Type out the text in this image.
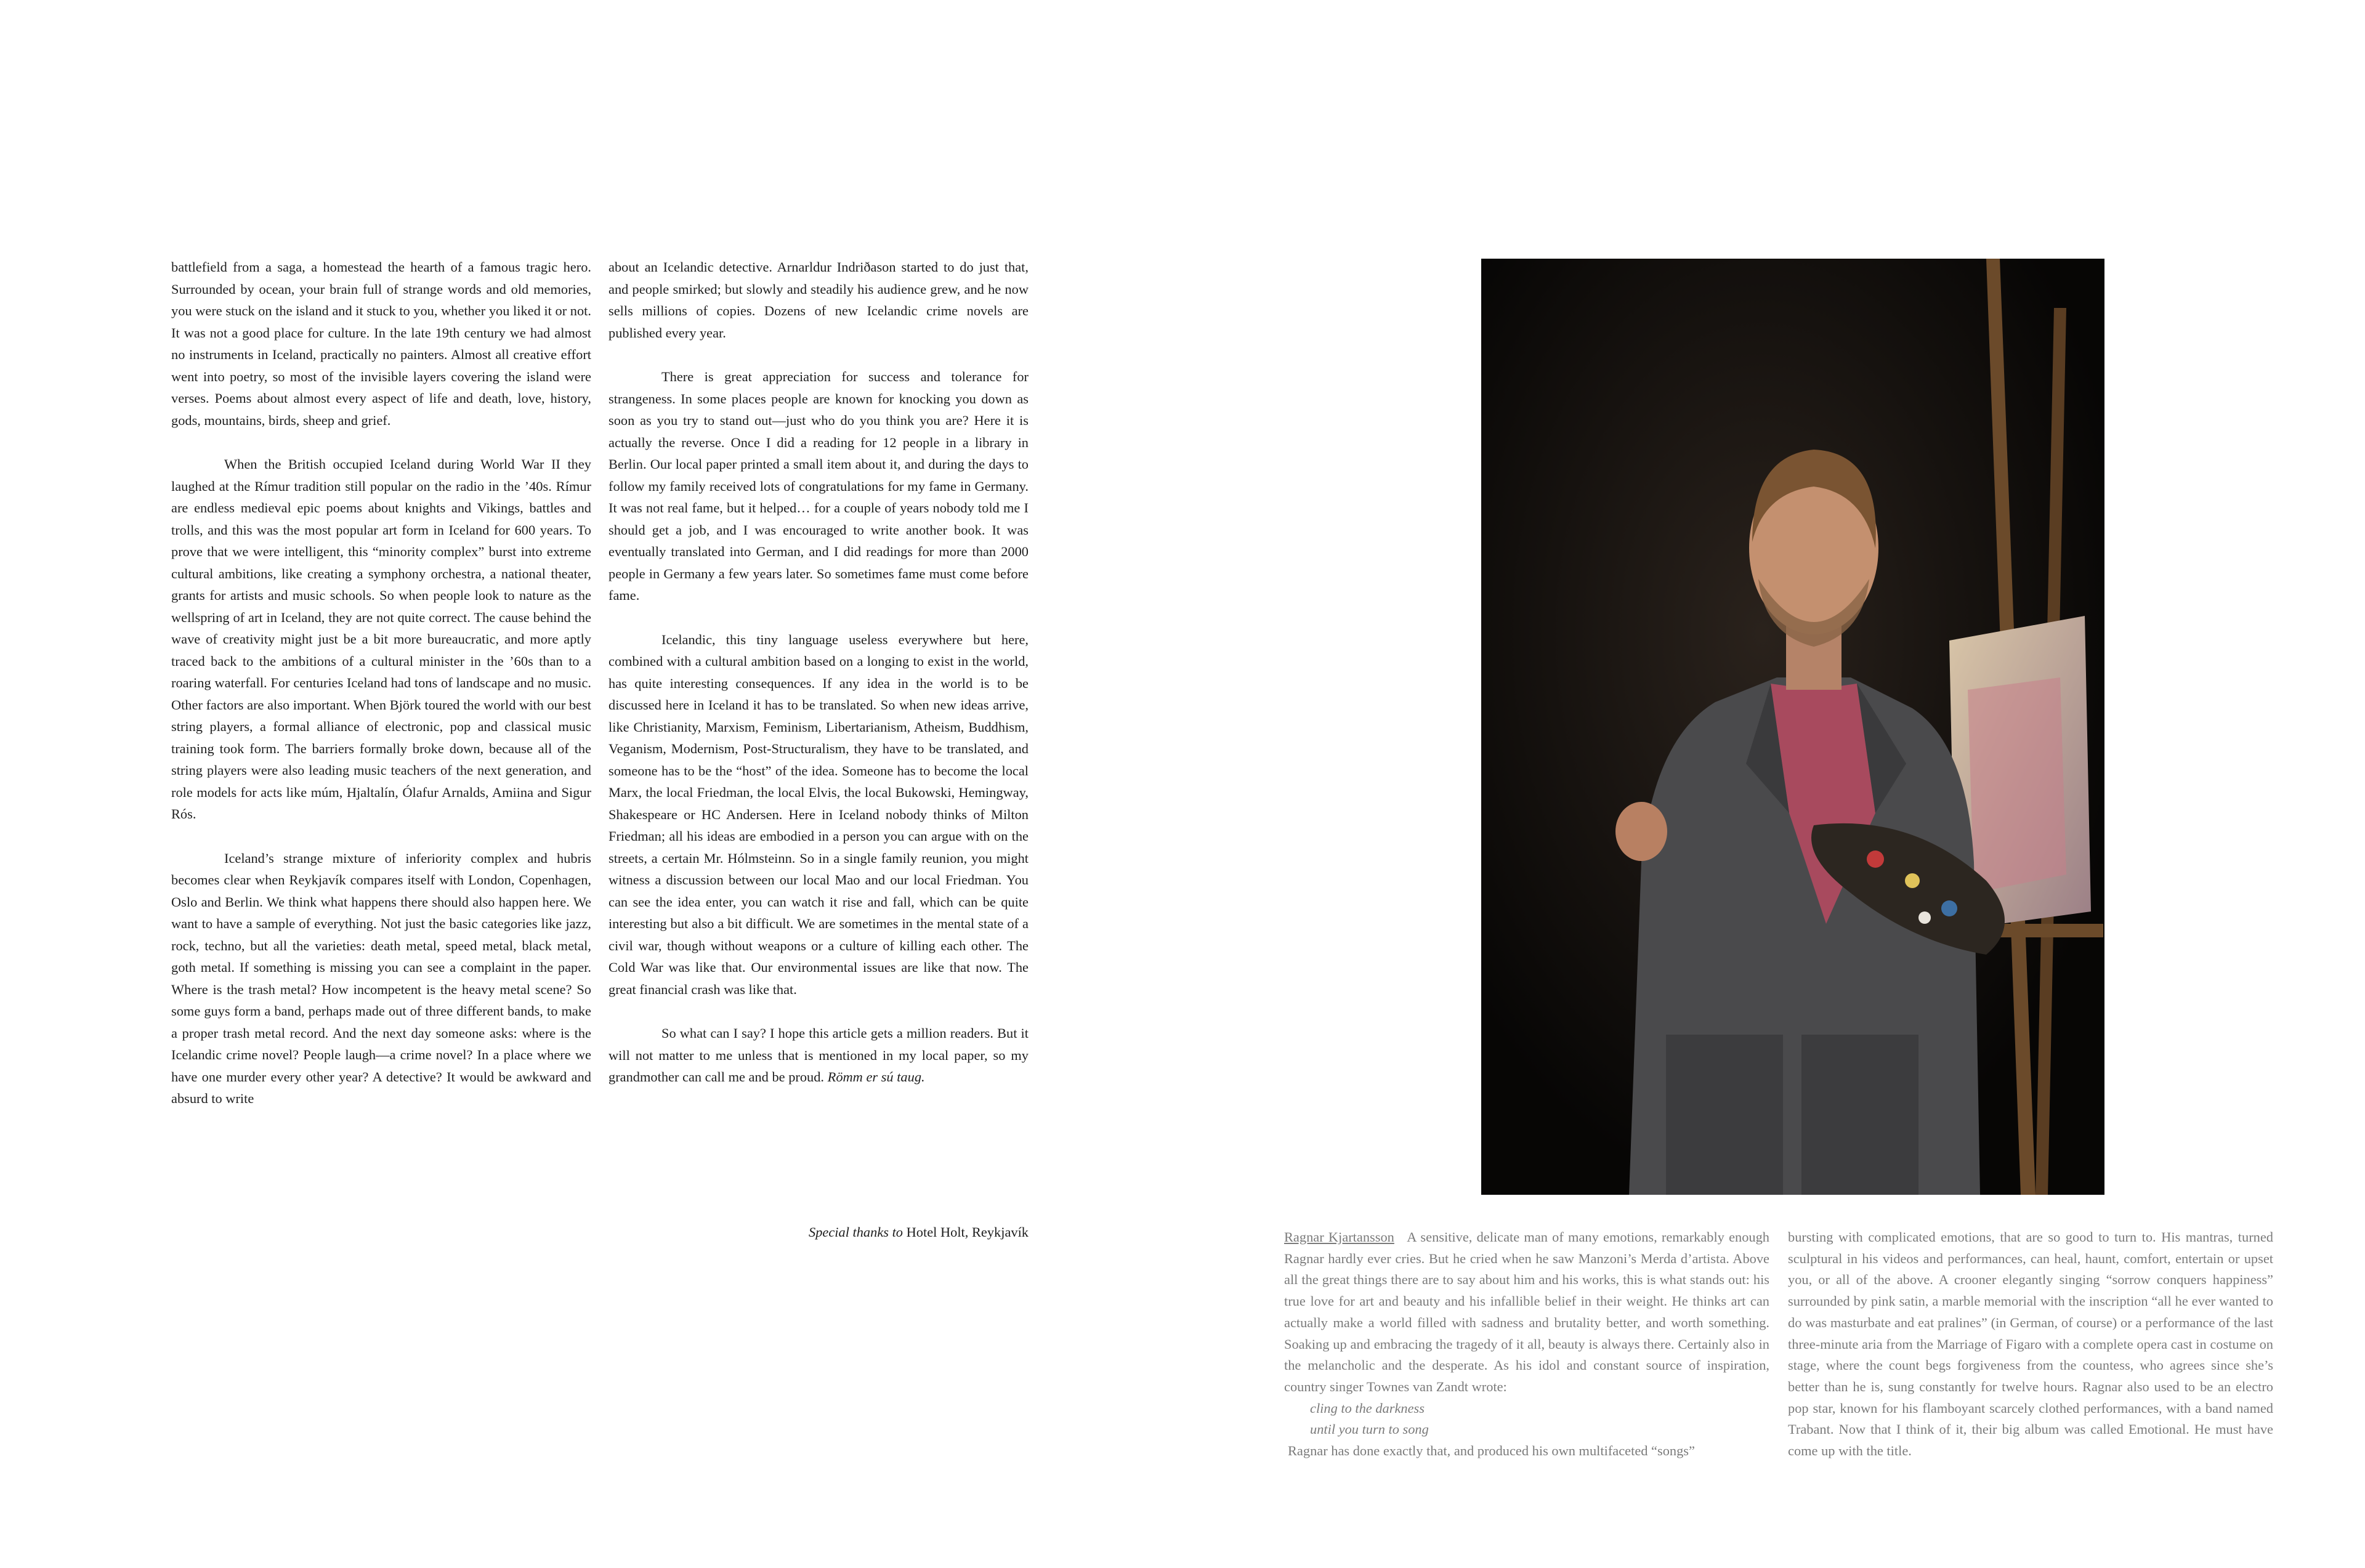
battlefield from a saga, a homestead the hearth of a famous tragic hero. Surrounded by ocean, your brain full of strange words and old memories, you were stuck on the island and it stuck to you, whether you liked it or not. It was not a good place for culture. In the late 19th century we had almost no instruments in Iceland, practically no painters. Almost all creative effort went into poetry, so most of the invisible layers covering the island were verses. Poems about almost every aspect of life and death, love, history, gods, mountains, birds, sheep and grief.

When the British occupied Iceland during World War II they laughed at the Rímur tradition still popular on the radio in the ’40s. Rímur are endless medieval epic poems about knights and Vikings, battles and trolls, and this was the most popular art form in Iceland for 600 years. To prove that we were intelligent, this “minority complex” burst into extreme cultural ambitions, like creating a symphony orchestra, a national theater, grants for artists and music schools. So when people look to nature as the wellspring of art in Iceland, they are not quite correct. The cause behind the wave of creativity might just be a bit more bureaucratic, and more aptly traced back to the ambitions of a cultural minister in the ’60s than to a roaring waterfall. For centuries Iceland had tons of landscape and no music. Other factors are also important. When Björk toured the world with our best string players, a formal alliance of electronic, pop and classical music training took form. The barriers formally broke down, because all of the string players were also leading music teachers of the next generation, and role models for acts like múm, Hjaltalín, Ólafur Arnalds, Amiina and Sigur Rós.

Iceland’s strange mixture of inferiority complex and hubris becomes clear when Reykjavík compares itself with London, Copenhagen, Oslo and Berlin. We think what happens there should also happen here. We want to have a sample of everything. Not just the basic categories like jazz, rock, techno, but all the varieties: death metal, speed metal, black metal, goth metal. If something is missing you can see a complaint in the paper. Where is the trash metal? How incompetent is the heavy metal scene? So some guys form a band, perhaps made out of three different bands, to make a proper trash metal record. And the next day someone asks: where is the Icelandic crime novel? People laugh—a crime novel? In a place where we have one murder every other year? A detective? It would be awkward and absurd to write

about an Icelandic detective. Arnarldur Indriðason started to do just that, and people smirked; but slowly and steadily his audience grew, and he now sells millions of copies. Dozens of new Icelandic crime novels are published every year.

There is great appreciation for success and tolerance for strangeness. In some places people are known for knocking you down as soon as you try to stand out—just who do you think you are? Here it is actually the reverse. Once I did a reading for 12 people in a library in Berlin. Our local paper printed a small item about it, and during the days to follow my family received lots of congratulations for my fame in Germany. It was not real fame, but it helped… for a couple of years nobody told me I should get a job, and I was encouraged to write another book. It was eventually translated into German, and I did readings for more than 2000 people in Germany a few years later. So sometimes fame must come before fame.

Icelandic, this tiny language useless everywhere but here, combined with a cultural ambition based on a longing to exist in the world, has quite interesting consequences. If any idea in the world is to be discussed here in Iceland it has to be translated. So when new ideas arrive, like Christianity, Marxism, Feminism, Libertarianism, Atheism, Buddhism, Veganism, Modernism, Post-Structuralism, they have to be translated, and someone has to be the “host” of the idea. Someone has to become the local Marx, the local Friedman, the local Elvis, the local Bukowski, Hemingway, Shakespeare or HC Andersen. Here in Iceland nobody thinks of Milton Friedman; all his ideas are embodied in a person you can argue with on the streets, a certain Mr. Hólmsteinn. So in a single family reunion, you might witness a discussion between our local Mao and our local Friedman. You can see the idea enter, you can watch it rise and fall, which can be quite interesting but also a bit difficult. We are sometimes in the mental state of a civil war, though without weapons or a culture of killing each other. The Cold War was like that. Our environmental issues are like that now. The great financial crash was like that.

So what can I say? I hope this article gets a million readers. But it will not matter to me unless that is mentioned in my local paper, so my grandmother can call me and be proud. Römm er sú taug.

Special thanks to Hotel Holt, Reykjavík	Ragnar Kjartansson A sensitive, delicate man of many emotions, remarkably enough Ragnar hardly ever cries. But he cried when he saw Manzoni’s Merda d’artista. Above all the great things there are to say about him and his works, this is what stands out: his true love for art and beauty and his infallible belief in their weight. He thinks art can actually make a world filled with sadness and brutality better, and worth something. Soaking up and embracing the tragedy of it all, beauty is always there. Certainly also in the melancholic and the desperate. As his idol and constant source of inspiration, country singer Townes van Zandt wrote:

cling to the darkness
until you turn to song

Ragnar has done exactly that, and produced his own multifaceted “songs”

bursting with complicated emotions, that are so good to turn to. His mantras, turned sculptural in his videos and performances, can heal, haunt, comfort, entertain or upset you, or all of the above. A crooner elegantly singing “sorrow conquers happiness” surrounded by pink satin, a marble memorial with the inscription “all he ever wanted to do was masturbate and eat pralines” (in German, of course) or a performance of the last three-minute aria from the Marriage of Figaro with a complete opera cast in costume on stage, where the count begs forgiveness from the countess, who agrees since she’s better than he is, sung constantly for twelve hours. Ragnar also used to be an electro pop star, known for his flamboyant scarcely clothed performances, with a band named Trabant. Now that I think of it, their big album was called Emotional. He must have come up with the title.
